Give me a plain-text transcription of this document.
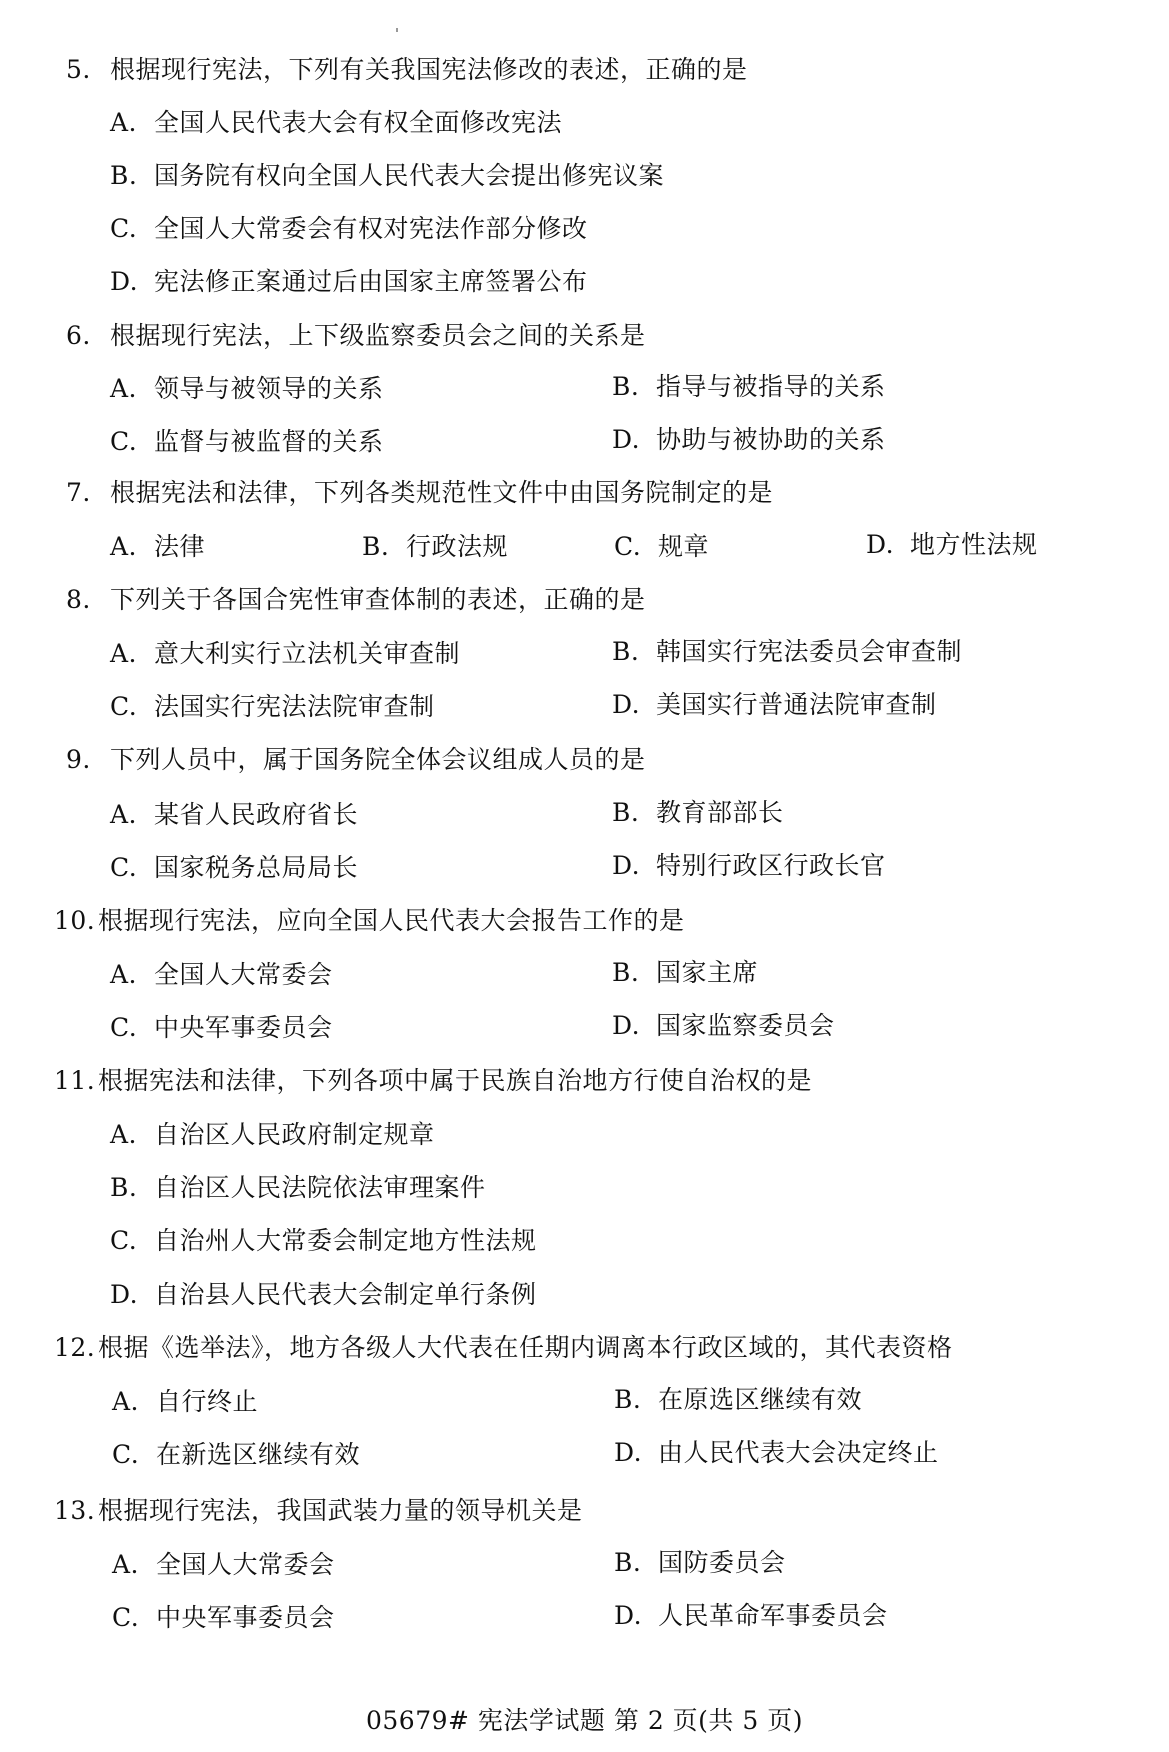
5. 根据现行宪法，下列有关我国宪法修改的表述，正确的是
A. 全国人民代表大会有权全面修改宪法
B. 国务院有权向全国人民代表大会提出修宪议案
C. 全国人大常委会有权对宪法作部分修改
D. 宪法修正案通过后由国家主席签署公布
6. 根据现行宪法，上下级监察委员会之间的关系是
A. 领导与被领导的关系	B. 指导与被指导的关系
C. 监督与被监督的关系	D. 协助与被协助的关系
7. 根据宪法和法律，下列各类规范性文件中由国务院制定的是
A. 法律	B. 行政法规	C. 规章	D. 地方性法规
8. 下列关于各国合宪性审查体制的表述，正确的是
A. 意大利实行立法机关审查制	B. 韩国实行宪法委员会审查制
C. 法国实行宪法法院审查制	D. 美国实行普通法院审查制
9. 下列人员中，属于国务院全体会议组成人员的是
A. 某省人民政府省长	B. 教育部部长
C. 国家税务总局局长	D. 特别行政区行政长官
10. 根据现行宪法，应向全国人民代表大会报告工作的是
A. 全国人大常委会	B. 国家主席
C. 中央军事委员会	D. 国家监察委员会
11. 根据宪法和法律，下列各项中属于民族自治地方行使自治权的是
A. 自治区人民政府制定规章
B. 自治区人民法院依法审理案件
C. 自治州人大常委会制定地方性法规
D. 自治县人民代表大会制定单行条例
12. 根据《选举法》，地方各级人大代表在任期内调离本行政区域的，其代表资格
A. 自行终止	B. 在原选区继续有效
C. 在新选区继续有效	D. 由人民代表大会决定终止
13. 根据现行宪法，我国武装力量的领导机关是
A. 全国人大常委会	B. 国防委员会
C. 中央军事委员会	D. 人民革命军事委员会
05679# 宪法学试题 第 2 页(共 5 页)
